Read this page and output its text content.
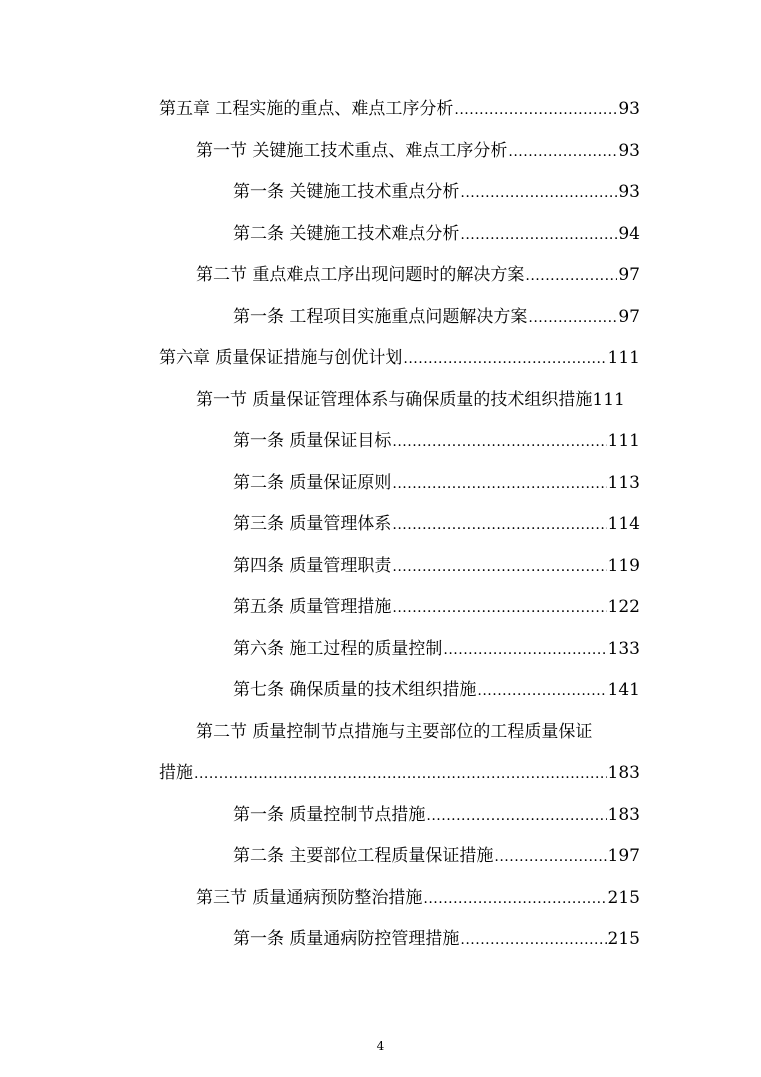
第五章 工程实施的重点、难点工序分析 .....	93
第一节 关键施工技术重点、难点工序分析 .....	93
第一条 关键施工技术重点分析 .....	93
第二条 关键施工技术难点分析 .....	94
第二节 重点难点工序出现问题时的解决方案 .....	97
第一条 工程项目实施重点问题解决方案 .....	97
第六章 质量保证措施与创优计划 .....	111
第一节 质量保证管理体系与确保质量的技术组织措施 111
第一条 质量保证目标 .....	111
第二条 质量保证原则 .....	113
第三条 质量管理体系 .....	114
第四条 质量管理职责 .....	119
第五条 质量管理措施 .....	122
第六条 施工过程的质量控制 .....	133
第七条 确保质量的技术组织措施 .....	141
第二节 质量控制节点措施与主要部位的工程质量保证
措施 .....	183
第一条 质量控制节点措施 .....	183
第二条 主要部位工程质量保证措施 .....	197
第三节 质量通病预防整治措施 .....	215
第一条 质量通病防控管理措施 .....	215
4
